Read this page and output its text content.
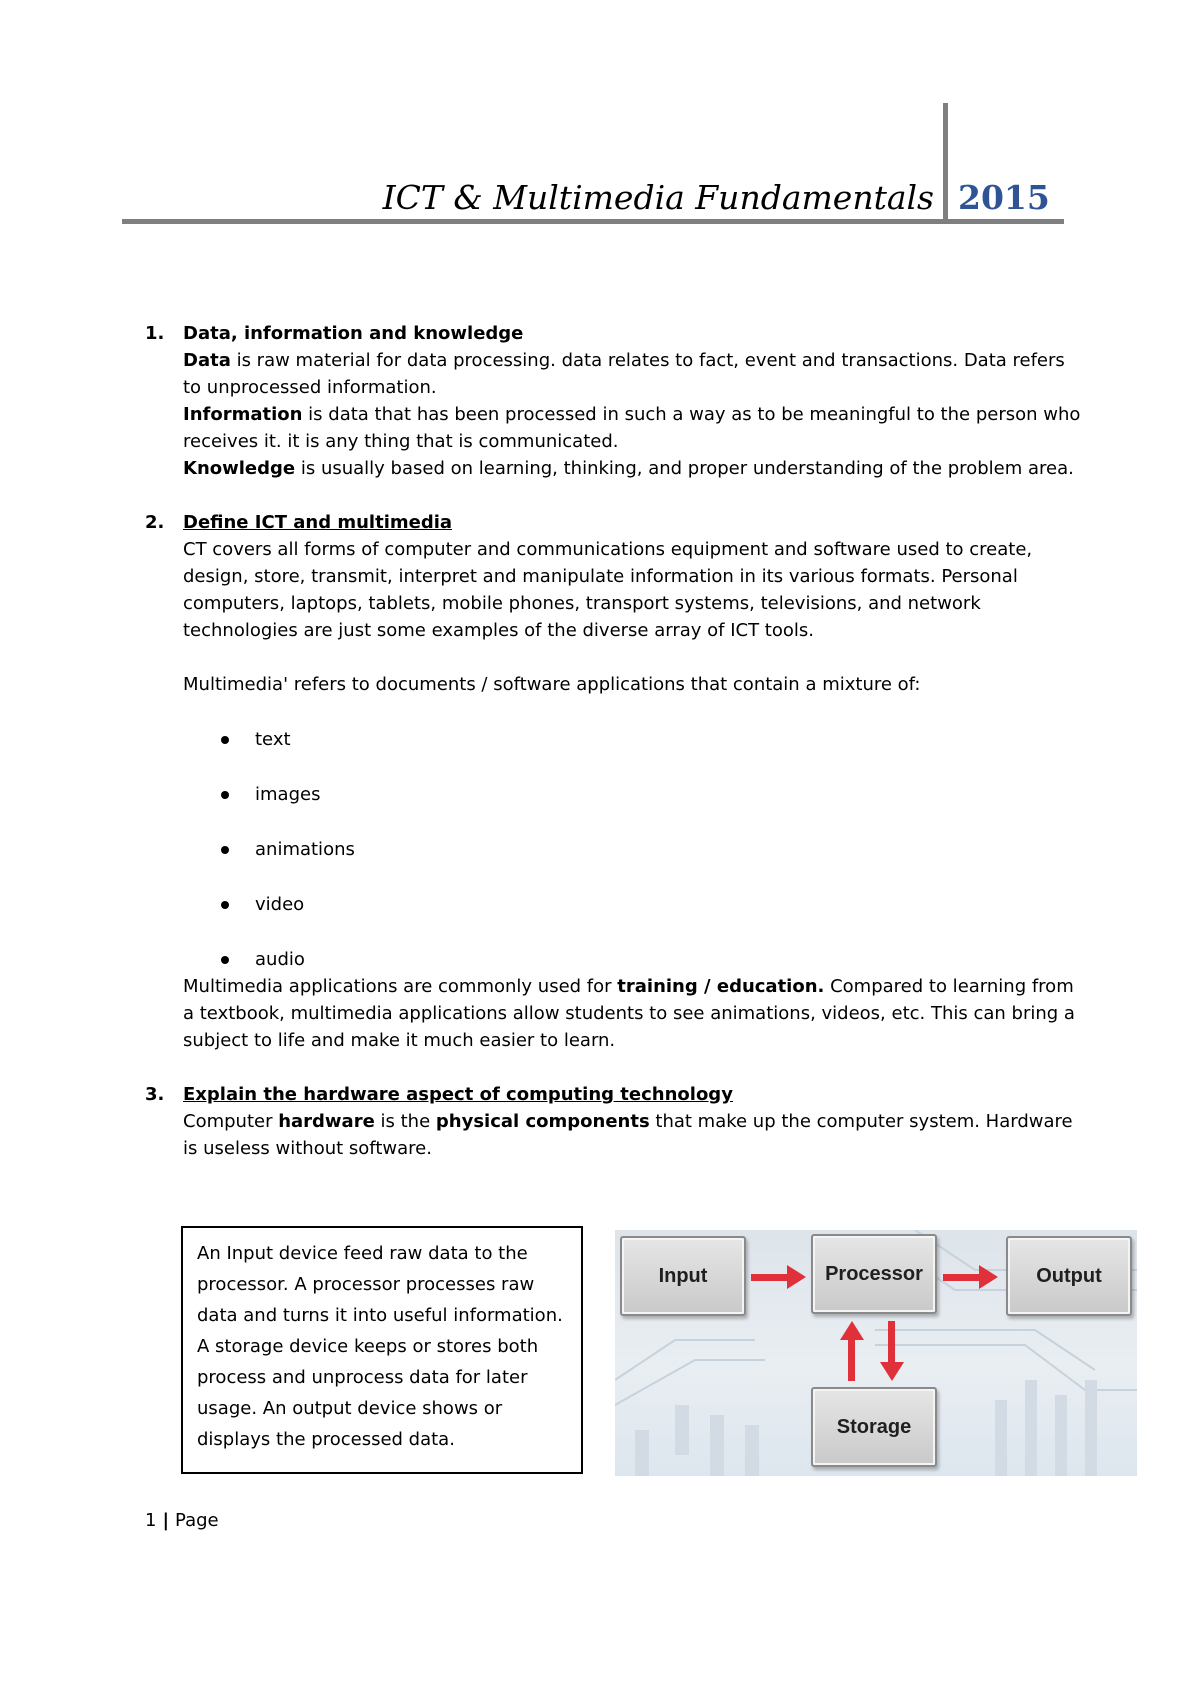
ICT & Multimedia Fundamentals 2015
1. Data, information and knowledge

Data is raw material for data processing. data relates to fact, event and transactions. Data refers to unprocessed information.

Information is data that has been processed in such a way as to be meaningful to the person who receives it. it is any thing that is communicated.

Knowledge is usually based on learning, thinking, and proper understanding of the problem area.

2. Define ICT and multimedia

CT covers all forms of computer and communications equipment and software used to create, design, store, transmit, interpret and manipulate information in its various formats. Personal computers, laptops, tablets, mobile phones, transport systems, televisions, and network technologies are just some examples of the diverse array of ICT tools.

Multimedia' refers to documents / software applications that contain a mixture of:

text
images
animations
video
audio

Multimedia applications are commonly used for training / education. Compared to learning from a textbook, multimedia applications allow students to see animations, videos, etc. This can bring a subject to life and make it much easier to learn.

3. Explain the hardware aspect of computing technology

Computer hardware is the physical components that make up the computer system. Hardware is useless without software.

An Input device feed raw data to the processor. A processor processes raw data and turns it into useful information. A storage device keeps or stores both process and unprocess data for later usage. An output device shows or displays the processed data.
Input	Processor	Output
Storage
1 | Page
